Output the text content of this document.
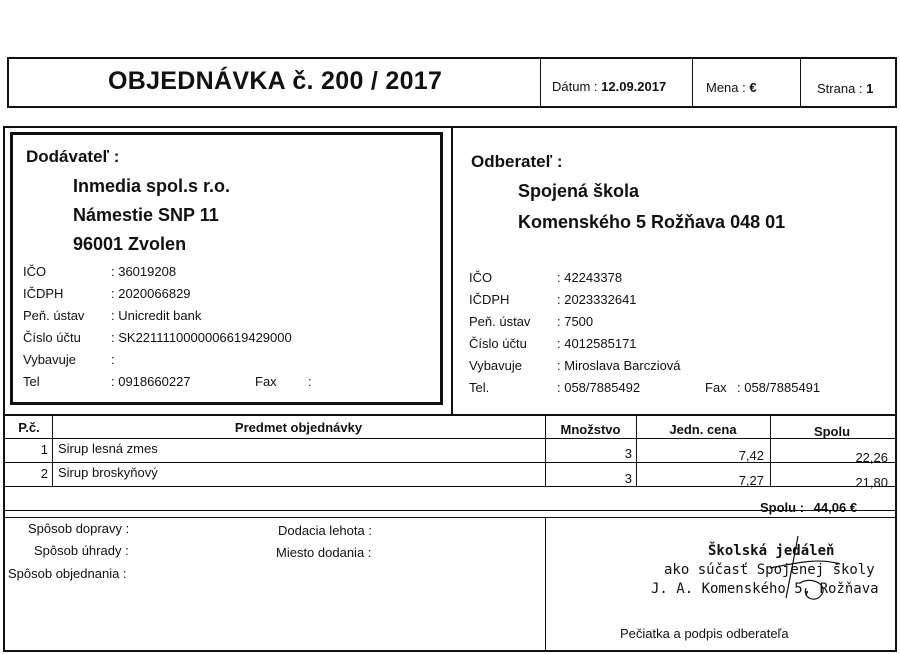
OBJEDNÁVKA č. 200 / 2017	Dátum : 12.09.2017	Mena : €	Strana : 1
Dodávateľ :
Inmedia spol.s r.o.
Námestie SNP 11
96001 Zvolen
IČO	: 36019208
IČDPH	: 2020066829
Peň. ústav : Unicredit bank
Číslo účtu : SK2211110000006619429000
Vybavuje	:
Tel	: 0918660227	Fax :
Odberateľ :
Spojená škola
Komenského 5 Rožňava 048 01
IČO	: 42243378
IČDPH	: 2023332641
Peň. ústav : 7500
Číslo účtu : 4012585171
Vybavuje	: Miroslava Barcziová
Tel.	: 058/7885492	Fax : 058/7885491
P.č.	Predmet objednávky	Množstvo	Jedn. cena	Spolu
1 Sirup lesná zmes	3	7,42	22,26
2 Sirup broskyňový	3	7,27	21,80
Spolu : 44,06 €
Spôsob dopravy :
Spôsob úhrady :
Spôsob objednania :
Dodacia lehota :
Miesto dodania :	Školská jedáleň
ako súčasť Spojenej školy
J. A. Komenského 5, Rožňava
Pečiatka a podpis odberateľa
